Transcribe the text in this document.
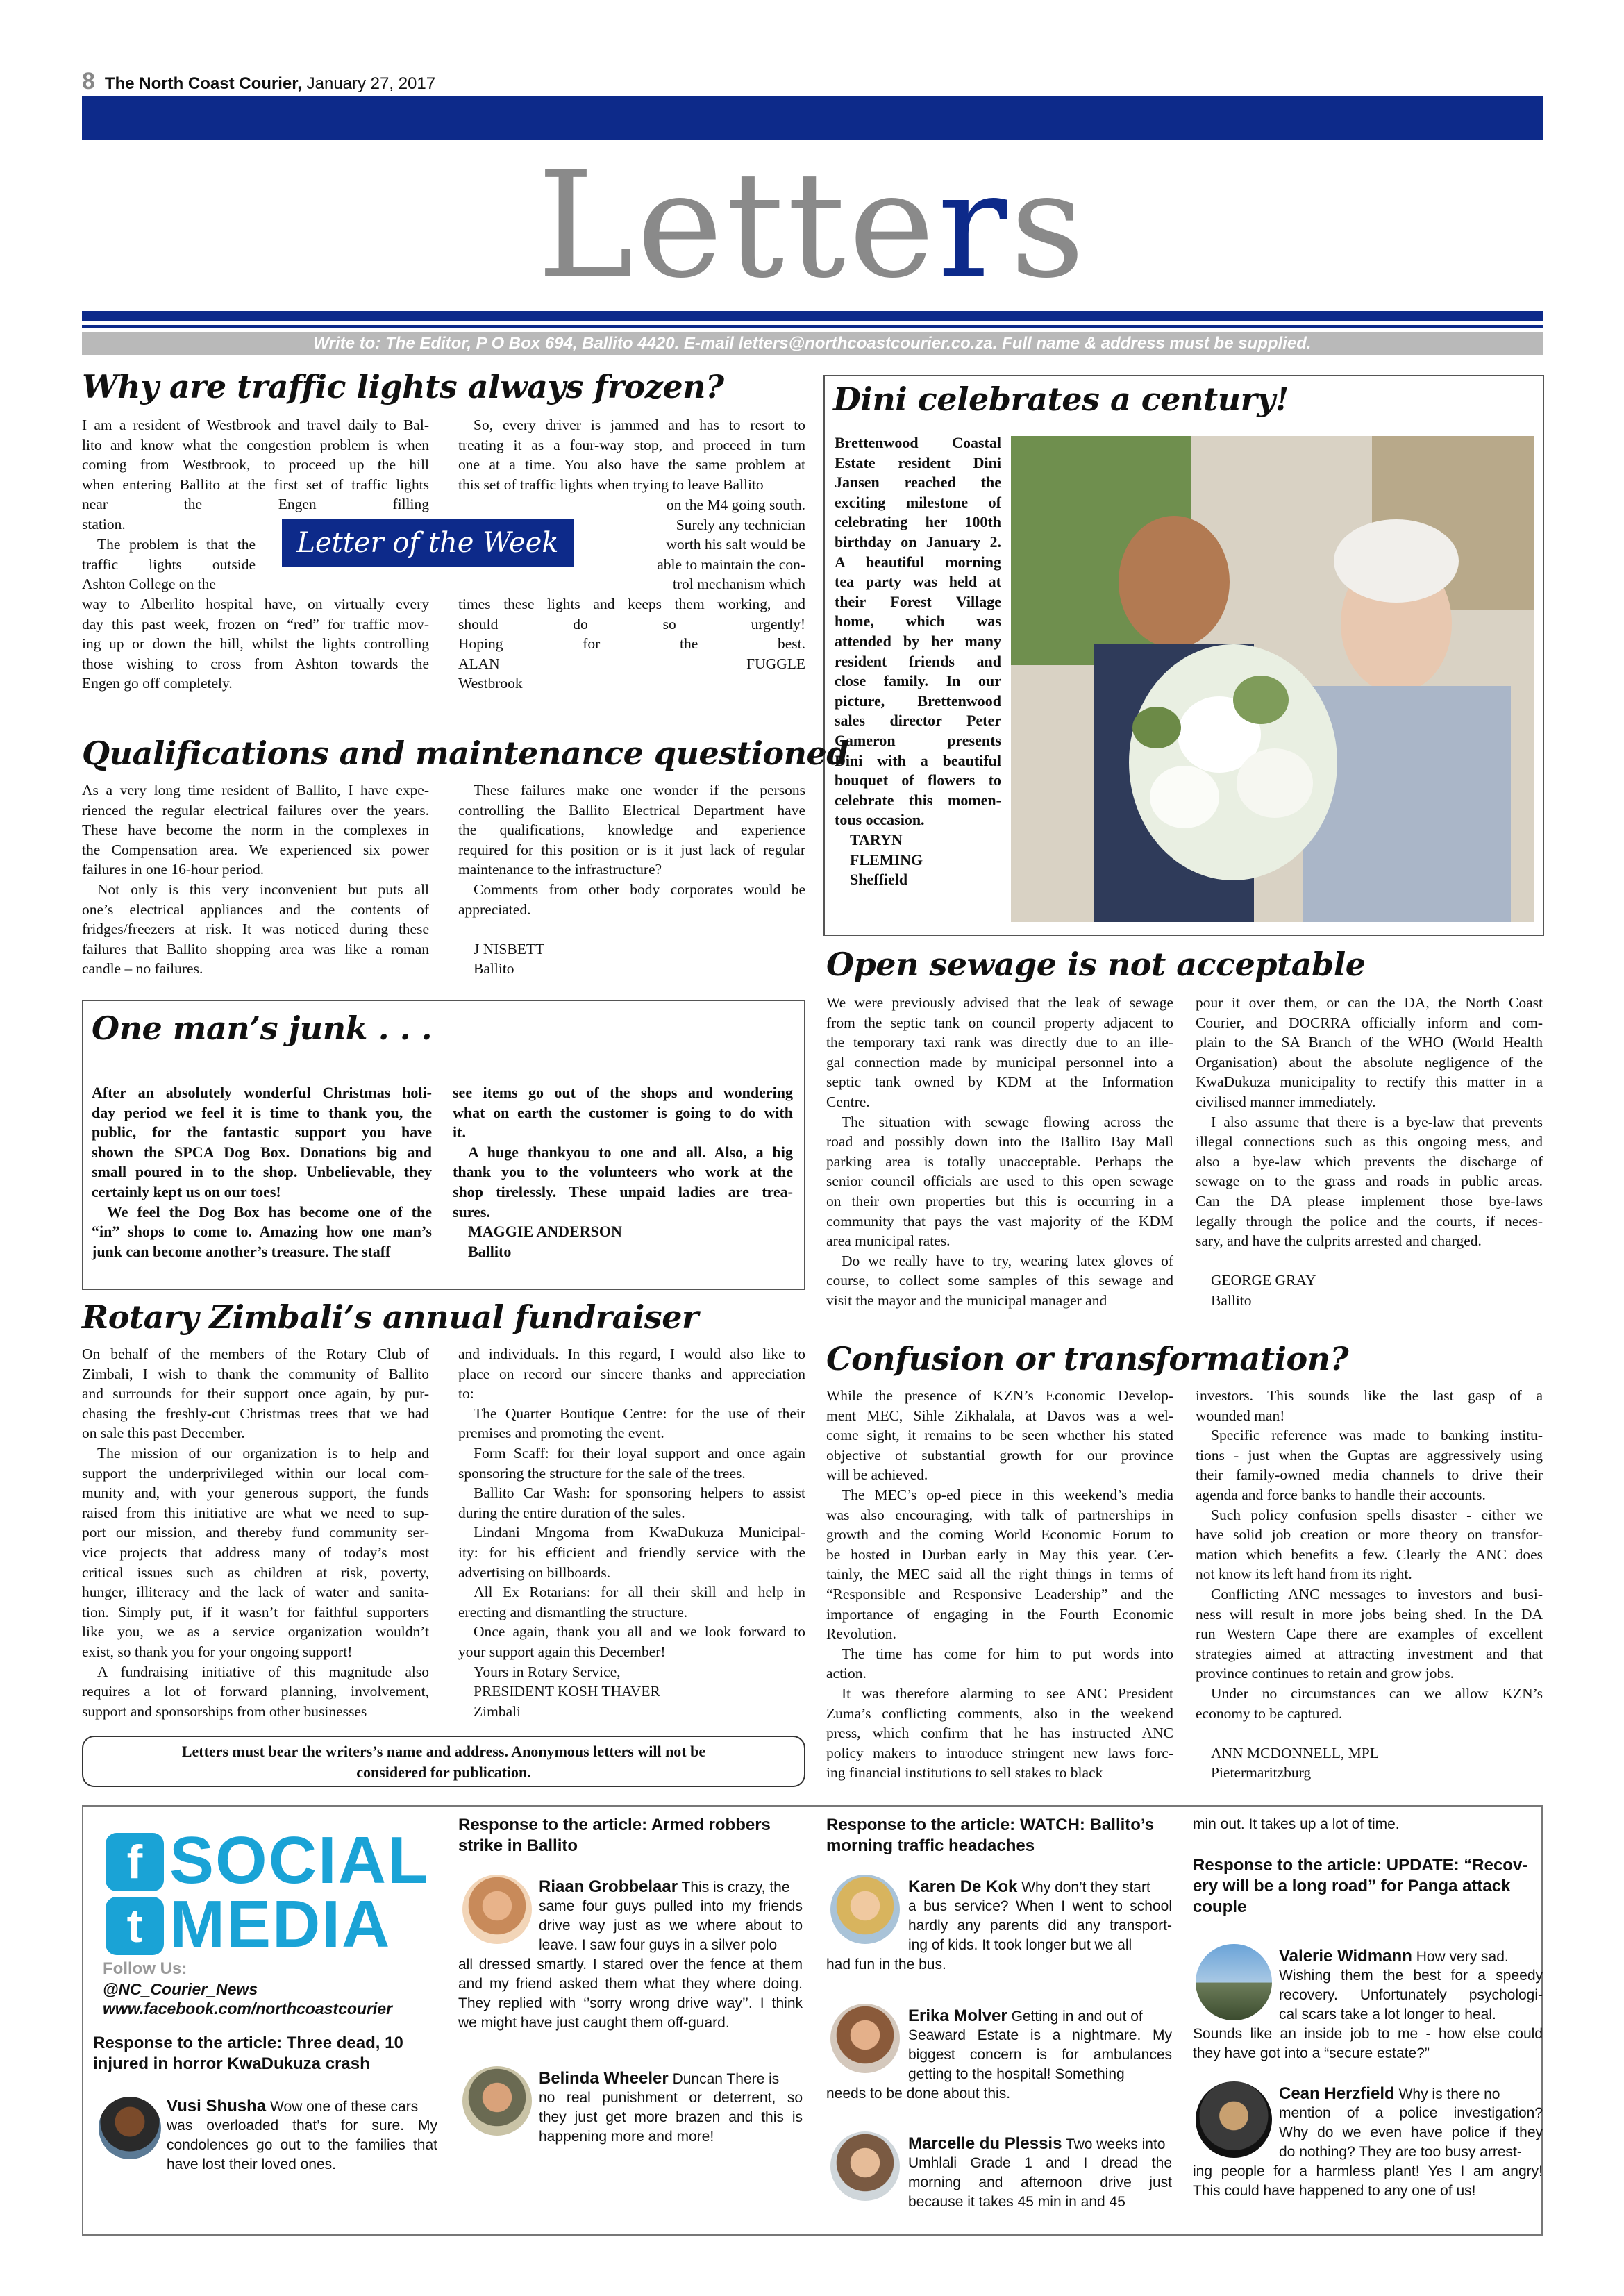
8 The North Coast Courier, January 27, 2017
Letters
Write to: The Editor, P O Box 694, Ballito 4420. E-mail letters@northcoastcourier.co.za. Full name & address must be supplied.
Why are traffic lights always frozen?
I am a resident of Westbrook and travel daily to Bal-
lito and know what the congestion problem is when
coming from Westbrook, to proceed up the hill
when entering Ballito at the first set of traffic lights
near the Engen filling
station.
The problem is that the
traffic lights outside
Ashton College on the
way to Alberlito hospital have, on virtually every
day this past week, frozen on “red” for traffic mov-
ing up or down the hill, whilst the lights controlling
those wishing to cross from Ashton towards the
Engen go off completely.
So, every driver is jammed and has to resort to
treating it as a four-way stop, and proceed in turn
one at a time. You also have the same problem at
this set of traffic lights when trying to leave Ballito
on the M4 going south.
Surely any technician
worth his salt would be
able to maintain the con-
trol mechanism which
times these lights and keeps them working, and
should do so urgently!
Hoping for the best.
ALAN FUGGLE
Westbrook
Letter of the Week
Dini celebrates a century!
Brettenwood Coastal
Estate resident Dini
Jansen reached the
exciting milestone of
celebrating her 100th
birthday on January 2.
A beautiful morning
tea party was held at
their Forest Village
home, which was
attended by her many
resident friends and
close family. In our
picture, Brettenwood
sales director Peter
Cameron presents
Dini with a beautiful
bouquet of flowers to
celebrate this momen-
tous occasion.
TARYN
FLEMING
Sheffield
Qualifications and maintenance questioned
As a very long time resident of Ballito, I have expe-
rienced the regular electrical failures over the years.
These have become the norm in the complexes in
the Compensation area. We experienced six power
failures in one 16-hour period.
Not only is this very inconvenient but puts all
one’s electrical appliances and the contents of
fridges/freezers at risk. It was noticed during these
failures that Ballito shopping area was like a roman
candle – no failures.
These failures make one wonder if the persons
controlling the Ballito Electrical Department have
the qualifications, knowledge and experience
required for this position or is it just lack of regular
maintenance to the infrastructure?
Comments from other body corporates would be
appreciated.

J NISBETT
Ballito
One man’s junk . . .
After an absolutely wonderful Christmas holi-
day period we feel it is time to thank you, the
public, for the fantastic support you have
shown the SPCA Dog Box. Donations big and
small poured in to the shop. Unbelievable, they
certainly kept us on our toes!
We feel the Dog Box has become one of the
“in” shops to come to. Amazing how one man’s
junk can become another’s treasure. The staff
see items go out of the shops and wondering
what on earth the customer is going to do with
it.
A huge thankyou to one and all. Also, a big
thank you to the volunteers who work at the
shop tirelessly. These unpaid ladies are trea-
sures.
MAGGIE ANDERSON
Ballito
Open sewage is not acceptable
We were previously advised that the leak of sewage
from the septic tank on council property adjacent to
the temporary taxi rank was directly due to an ille-
gal connection made by municipal personnel into a
septic tank owned by KDM at the Information
Centre.
The situation with sewage flowing across the
road and possibly down into the Ballito Bay Mall
parking area is totally unacceptable. Perhaps the
senior council officials are used to this open sewage
on their own properties but this is occurring in a
community that pays the vast majority of the KDM
area municipal rates.
Do we really have to try, wearing latex gloves of
course, to collect some samples of this sewage and
visit the mayor and the municipal manager and
pour it over them, or can the DA, the North Coast
Courier, and DOCRRA officially inform and com-
plain to the SA Branch of the WHO (World Health
Organisation) about the absolute negligence of the
KwaDukuza municipality to rectify this matter in a
civilised manner immediately.
I also assume that there is a bye-law that prevents
illegal connections such as this ongoing mess, and
also a bye-law which prevents the discharge of
sewage on to the grass and roads in public areas.
Can the DA please implement those bye-laws
legally through the police and the courts, if neces-
sary, and have the culprits arrested and charged.

GEORGE GRAY
Ballito
Rotary Zimbali’s annual fundraiser
On behalf of the members of the Rotary Club of
Zimbali, I wish to thank the community of Ballito
and surrounds for their support once again, by pur-
chasing the freshly-cut Christmas trees that we had
on sale this past December.
The mission of our organization is to help and
support the underprivileged within our local com-
munity and, with your generous support, the funds
raised from this initiative are what we need to sup-
port our mission, and thereby fund community ser-
vice projects that address many of today’s most
critical issues such as children at risk, poverty,
hunger, illiteracy and the lack of water and sanita-
tion. Simply put, if it wasn’t for faithful supporters
like you, we as a service organization wouldn’t
exist, so thank you for your ongoing support!
A fundraising initiative of this magnitude also
requires a lot of forward planning, involvement,
support and sponsorships from other businesses
and individuals. In this regard, I would also like to
place on record our sincere thanks and appreciation
to:
The Quarter Boutique Centre: for the use of their
premises and promoting the event.
Form Scaff: for their loyal support and once again
sponsoring the structure for the sale of the trees.
Ballito Car Wash: for sponsoring helpers to assist
during the entire duration of the sales.
Lindani Mngoma from KwaDukuza Municipal-
ity: for his efficient and friendly service with the
advertising on billboards.
All Ex Rotarians: for all their skill and help in
erecting and dismantling the structure.
Once again, thank you all and we look forward to
your support again this December!
Yours in Rotary Service,
PRESIDENT KOSH THAVER
Zimbali
Letters must bear the writers’s name and address. Anonymous letters will not be
considered for publication.
Confusion or transformation?
While the presence of KZN’s Economic Develop-
ment MEC, Sihle Zikhalala, at Davos was a wel-
come sight, it remains to be seen whether his stated
objective of substantial growth for our province
will be achieved.
The MEC’s op-ed piece in this weekend’s media
was also encouraging, with talk of partnerships in
growth and the coming World Economic Forum to
be hosted in Durban early in May this year. Cer-
tainly, the MEC said all the right things in terms of
“Responsible and Responsive Leadership” and the
importance of engaging in the Fourth Economic
Revolution.
The time has come for him to put words into
action.
It was therefore alarming to see ANC President
Zuma’s conflicting comments, also in the weekend
press, which confirm that he has instructed ANC
policy makers to introduce stringent new laws forc-
ing financial institutions to sell stakes to black
investors. This sounds like the last gasp of a
wounded man!
Specific reference was made to banking institu-
tions - just when the Guptas are aggressively using
their family-owned media channels to drive their
agenda and force banks to handle their accounts.
Such policy confusion spells disaster - either we
have solid job creation or more theory on transfor-
mation which benefits a few. Clearly the ANC does
not know its left hand from its right.
Conflicting ANC messages to investors and busi-
ness will result in more jobs being shed. In the DA
run Western Cape there are examples of excellent
strategies aimed at attracting investment and that
province continues to retain and grow jobs.
Under no circumstances can we allow KZN’s
economy to be captured.

ANN MCDONNELL, MPL
Pietermaritzburg
f SOCIAL
t MEDIA
Follow Us:
@NC_Courier_News
www.facebook.com/northcoastcourier
Response to the article: Three dead, 10
injured in horror KwaDukuza crash
Vusi Shusha Wow one of these cars
was overloaded that’s for sure. My
condolences go out to the families that
have lost their loved ones.
Response to the article: Armed robbers
strike in Ballito
Riaan Grobbelaar This is crazy, the
same four guys pulled into my friends
drive way just as we where about to
leave. I saw four guys in a silver polo
all dressed smartly. I stared over the fence at them
and my friend asked them what they where doing.
They replied with ‘’sorry wrong drive way’’. I think
we might have just caught them off-guard.
Belinda Wheeler Duncan There is
no real punishment or deterrent, so
they just get more brazen and this is
happening more and more!
Response to the article: WATCH: Ballito’s
morning traffic headaches
Karen De Kok Why don’t they start
a bus service? When I went to school
hardly any parents did any transport-
ing of kids. It took longer but we all
had fun in the bus.
Erika Molver Getting in and out of
Seaward Estate is a nightmare. My
biggest concern is for ambulances
getting to the hospital! Something
needs to be done about this.
Marcelle du Plessis Two weeks into
Umhlali Grade 1 and I dread the
morning and afternoon drive just
because it takes 45 min in and 45
min out. It takes up a lot of time.
Response to the article: UPDATE: “Recov-
ery will be a long road” for Panga attack
couple
Valerie Widmann How very sad.
Wishing them the best for a speedy
recovery. Unfortunately psychologi-
cal scars take a lot longer to heal.
Sounds like an inside job to me - how else could
they have got into a “secure estate?”
Cean Herzfield Why is there no
mention of a police investigation?
Why do we even have police if they
do nothing? They are too busy arrest-
ing people for a harmless plant! Yes I am angry!
This could have happened to any one of us!
